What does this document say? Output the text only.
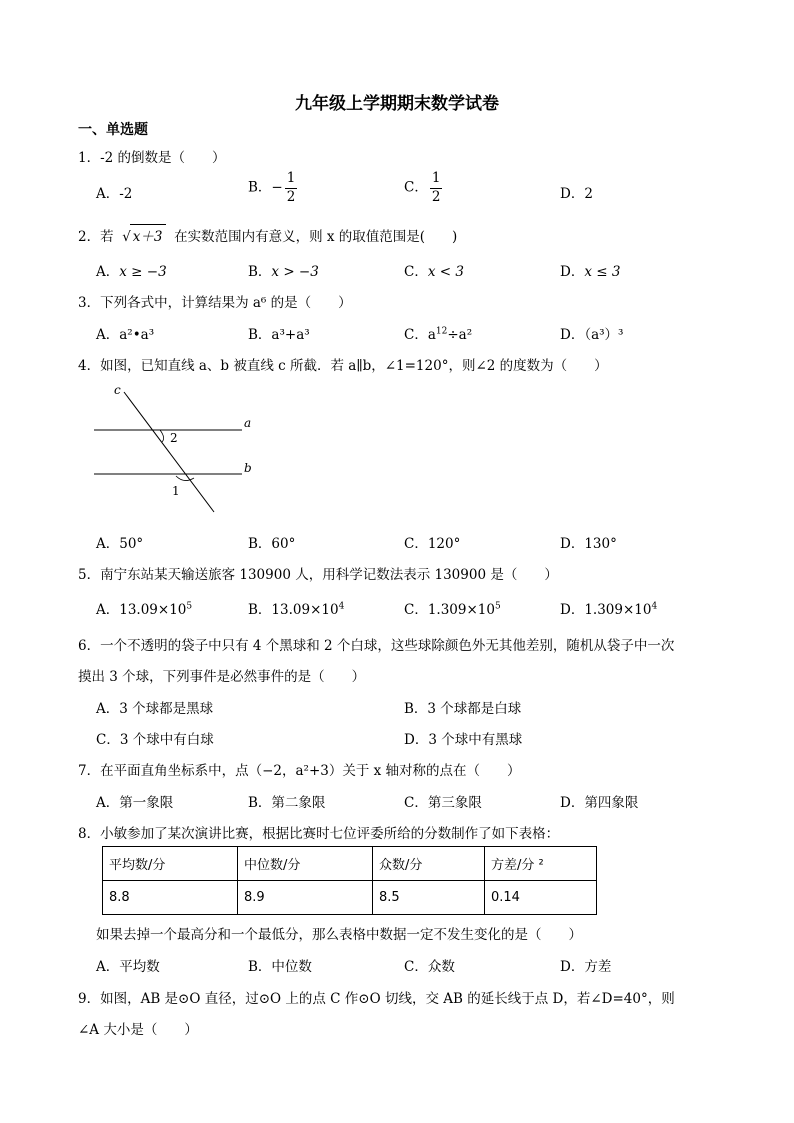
九年级上学期期末数学试卷
一、单选题
1．-2 的倒数是（　　）
A．-2	B．− $\frac{1}{2}$	C． $\frac{1}{2}$	D．2
2．若 √ x＋3 在实数范围内有意义，则 x 的取值范围是(　　)
A．x ≥ −3	B．x > −3	C．x < 3	D．x ≤ 3
3．下列各式中，计算结果为 a⁶ 的是（　　）
A．a²•a³	B．a³+a³	C．$a^{12}\div a^2$	D．（a³）³
4．如图，已知直线 a、b 被直线 c 所截．若 a∥b，∠1=120°，则∠2 的度数为（　　）
c
a
b
2
1
A．50°	B．60°	C．120°	D．130°
5．南宁东站某天输送旅客 130900 人，用科学记数法表示 130900 是（　　）
A．$13.09\times 10^5$	B．$13.09\times 10^4$	C．$1.309\times 10^5$	D．$1.309\times 10^4$
6．一个不透明的袋子中只有 4 个黑球和 2 个白球，这些球除颜色外无其他差别，随机从袋子中一次
摸出 3 个球，下列事件是必然事件的是（　　）
A．3 个球都是黑球	B．3 个球都是白球
C．3 个球中有白球	D．3 个球中有黑球
7．在平面直角坐标系中，点（−2，a²+3）关于 x 轴对称的点在（　　）
A．第一象限	B．第二象限	C．第三象限	D．第四象限
8．小敏参加了某次演讲比赛，根据比赛时七位评委所给的分数制作了如下表格：
平均数/分	中位数/分	众数/分	方差/分 ²
8.8	8.9	8.5	0.14
如果去掉一个最高分和一个最低分，那么表格中数据一定不发生变化的是（　　）
A．平均数	B．中位数	C．众数	D．方差
9．如图，AB 是⊙O 直径，过⊙O 上的点 C 作⊙O 切线，交 AB 的延长线于点 D，若∠D=40°，则
∠A 大小是（　　）
